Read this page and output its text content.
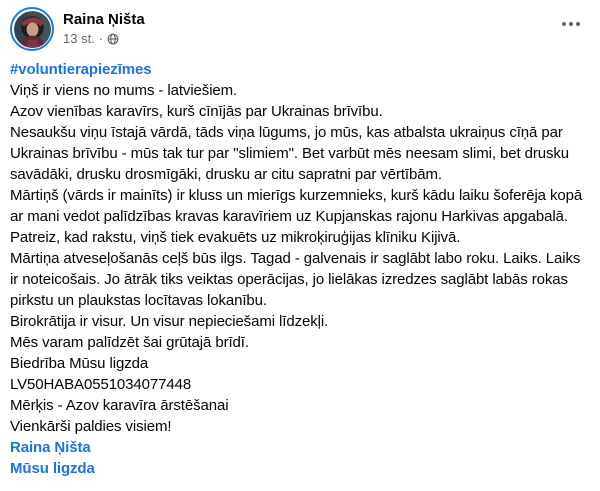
Raina Ņišta
13 st. ·

#voluntierapiezīmes

Viņš ir viens no mums - latviešiem.

Azov vienības karavīrs, kurš cīnījās par Ukrainas brīvību.

Nesaukšu viņu īstajā vārdā, tāds viņa lūgums, jo mūs, kas atbalsta ukraiņus cīņā par Ukrainas brīvību - mūs tak tur par "slimiem". Bet varbūt mēs neesam slimi, bet drusku savādāki, drusku drosmīgāki, drusku ar citu sapratni par vērtībām.

Mārtiņš (vārds ir mainīts) ir kluss un mierīgs kurzemnieks, kurš kādu laiku šoferēja kopā ar mani vedot palīdzības kravas karavīriem uz Kupjanskas rajonu Harkivas apgabalā.

Patreiz, kad rakstu, viņš tiek evakuēts uz mikroķiruģijas klīniku Kijivā.

Mārtiņa atveseļošanās ceļš būs ilgs. Tagad - galvenais ir saglābt labo roku. Laiks. Laiks ir noteicošais. Jo ātrāk tiks veiktas operācijas, jo lielākas izredzes saglābt labās rokas pirkstu un plaukstas locītavas lokanību.

Birokrātija ir visur. Un visur nepieciešami līdzekļi.

Mēs varam palīdzēt šai grūtajā brīdī.

Biedrība Mūsu ligzda

LV50HABA0551034077448

Mērķis - Azov karavīra ārstēšanai

Vienkārši paldies visiem!

Raina Ņišta

Mūsu ligzda
